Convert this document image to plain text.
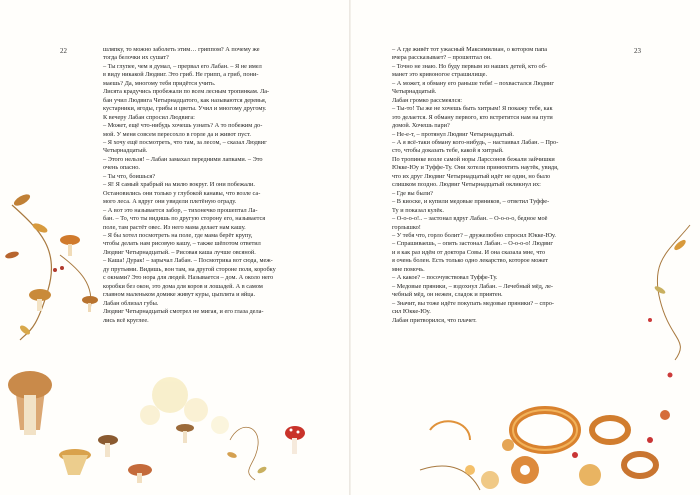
22	23

шляпку, то можно заболеть этим… гриппом? А почему же

тогда белочки их сушат?

– Ты глупее, чем я думал, – прервал его Лабан. – Я не имел

в виду никакой Людвиг. Это гриб. Не грипп, а гриб, пони-

маешь? Да, многому тебя придётся учить.

Лисята крадучись пробежали по всем лесным тропинкам. Ла-

бан учил Людвига Четырнадцатого, как называются деревья,

кустарники, ягоды, грибы и цветы. Учил и многому другому.

К вечеру Лабан спросил Людвига:

– Может, ещё что-нибудь хочешь узнать? А то побежим до-

мой. У меня совсем пересохло в горле да и живот пуст.

– Я хочу ещё посмотреть, что там, за лесом, – сказал Людвиг

Четырнадцатый.

– Этого нельзя! – Лабан замахал передними лапками. – Это

очень опасно.

– Ты что, боишься?

– Я! Я самый храбрый на милю вокруг. И они побежали.

Остановились они только у глубокой канавы, что возле са-

мого леса. А вдруг они увидели плетёную ограду.

– А вот это называется забор, – тихонечко прошептал Ла-

бан. – То, что ты видишь по другую сторону его, называется

поле, там растёт овес. Из него мама делает нам кашу.

– Я бы хотел посмотреть на поле, где мама берёт крупу,

чтобы делать нам рисовую кашу, – также шёпотом ответил

Людвиг Четырнадцатый. – Рисовая каша лучше овсяной.

– Каша! Дурак! – зарычал Лабан. – Посмотрика вот сюда, меж-

ду прутьями. Видишь, вон там, на другой стороне поля, коробку

с окнами? Это нора для людей. Называется – дом. А около него

коробки без окон, это дома для коров и лошадей. А в самом

главном маленьком домике живут куры, цыплята и яйца.

Лабан облизал губы.

Людвиг Четырнадцатый смотрел не мигая, и его глаза дела-

лись всё круглее.

– А где живёт тот ужасный Максимилиан, о котором папа

вчера рассказывает? – прошептал он.

– Точно не знаю. Но буду первым из наших детей, кто об-

манет это кривоногое страшилище.

– А может, я обману его раньше тебя! – похвастался Людвиг

Четырнадцатый.

Лабан громко рассмеялся:

– Ты-то! Ты же не хочешь быть хитрым! Я покажу тебе, как

это делается. Я обману первого, кто встретится нам на пути

домой. Хочешь пари?

– Не-е-т, – протянул Людвиг Четырнадцатый.

– А я всё-таки обману кого-нибудь, – настаивал Лабан. – Про-

сто, чтобы доказать тебе, какой я хитрый.

По тропинке возле самой норы Ларссонов бежали зайчишки

Юкке-Юу и Туффе-Ту. Они хотели принюхтить наутёк, увидя,

что их друг Людвиг Четырнадцатый идёт не один, но было

слишком поздно. Людвиг Четырнадцатый окликнул их:

– Где вы были?

– В киоске, и купили медовые пряников, – ответил Туффе-

Ту и показал кулёк.

– О-о-о-о!.. – застонал вдруг Лабан. – О-о-о-о, бедное моё

горлышко!

– У тебя что, горло болит? – дружелюбно спросил Юкке-Юу.

– Спрашиваешь, – опять застонал Лабан. – О-о-о-о! Людвиг

и я как раз идём от доктора Совы. И она сказала мне, что

я очень болен. Есть только одно лекарство, которое может

мне помочь.

– А какое? – посочувствовал Туффе-Ту.

– Медовые пряники, – вздохнул Лабан. – Лечебный мёд, ле-

чебный мёд, он нежен, сладок и приятен.

– Значит, вы тоже идёте покупать медовые пряники? – спро-

сил Юкке-Юу.

Лабан притворился, что плачет.
